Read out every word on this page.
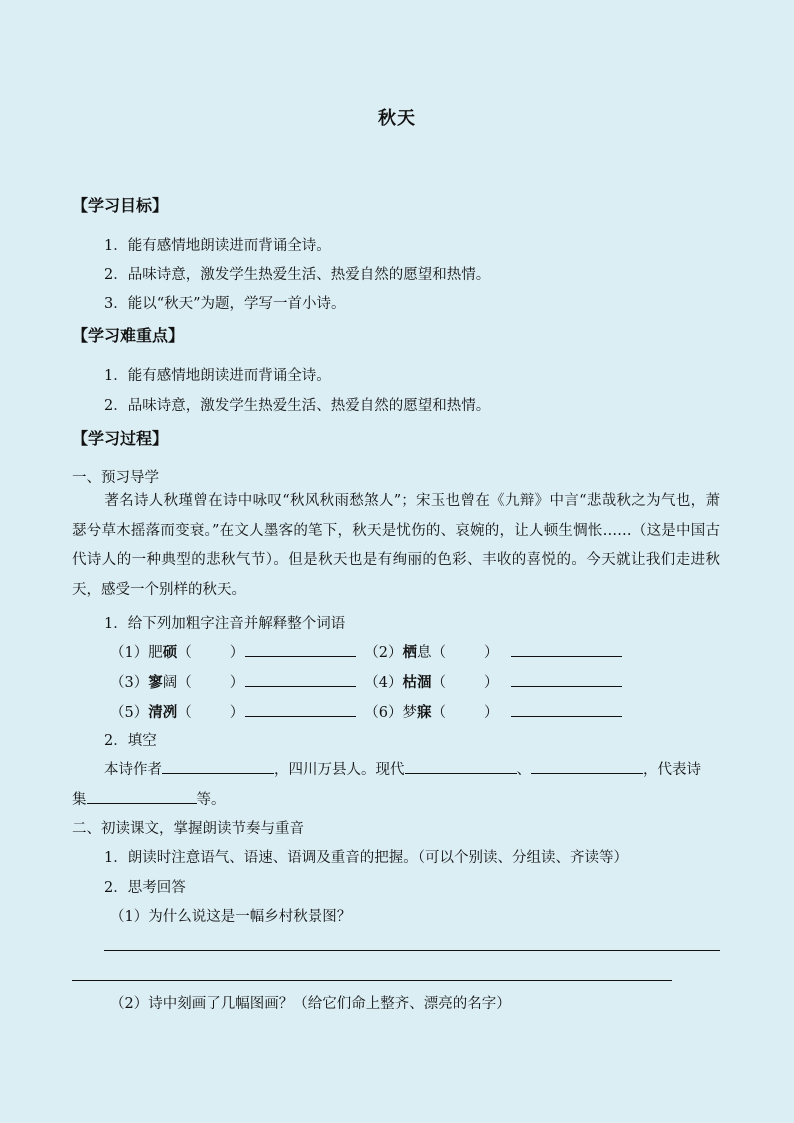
秋天
【学习目标】
1．能有感情地朗读进而背诵全诗。
2．品味诗意，激发学生热爱生活、热爱自然的愿望和热情。
3．能以“秋天”为题，学写一首小诗。
【学习难重点】
1．能有感情地朗读进而背诵全诗。
2．品味诗意，激发学生热爱生活、热爱自然的愿望和热情。
【学习过程】
一、预习导学
著名诗人秋瑾曾在诗中咏叹“秋风秋雨愁煞人”；宋玉也曾在《九辩》中言“悲哉秋之为气也，萧瑟兮草木摇落而变衰。”在文人墨客的笔下，秋天是忧伤的、哀婉的，让人顿生惆怅……（这是中国古代诗人的一种典型的悲秋气节）。但是秋天也是有绚丽的色彩、丰收的喜悦的。今天就让我们走进秋天，感受一个别样的秋天。
1．给下列加粗字注音并解释整个词语
（1）肥硕（	）	（2）栖息（	）
（3）寥阔（	）	（4）枯涸（	）
（5）清冽（	）	（6）梦寐（	）
2．填空
本诗作者	，四川万县人。现代	、	，代表诗
集	等。
二、初读课文，掌握朗读节奏与重音
1．朗读时注意语气、语速、语调及重音的把握。（可以个别读、分组读、齐读等）
2．思考回答
（1）为什么说这是一幅乡村秋景图？
（2）诗中刻画了几幅图画？（给它们命上整齐、漂亮的名字）
